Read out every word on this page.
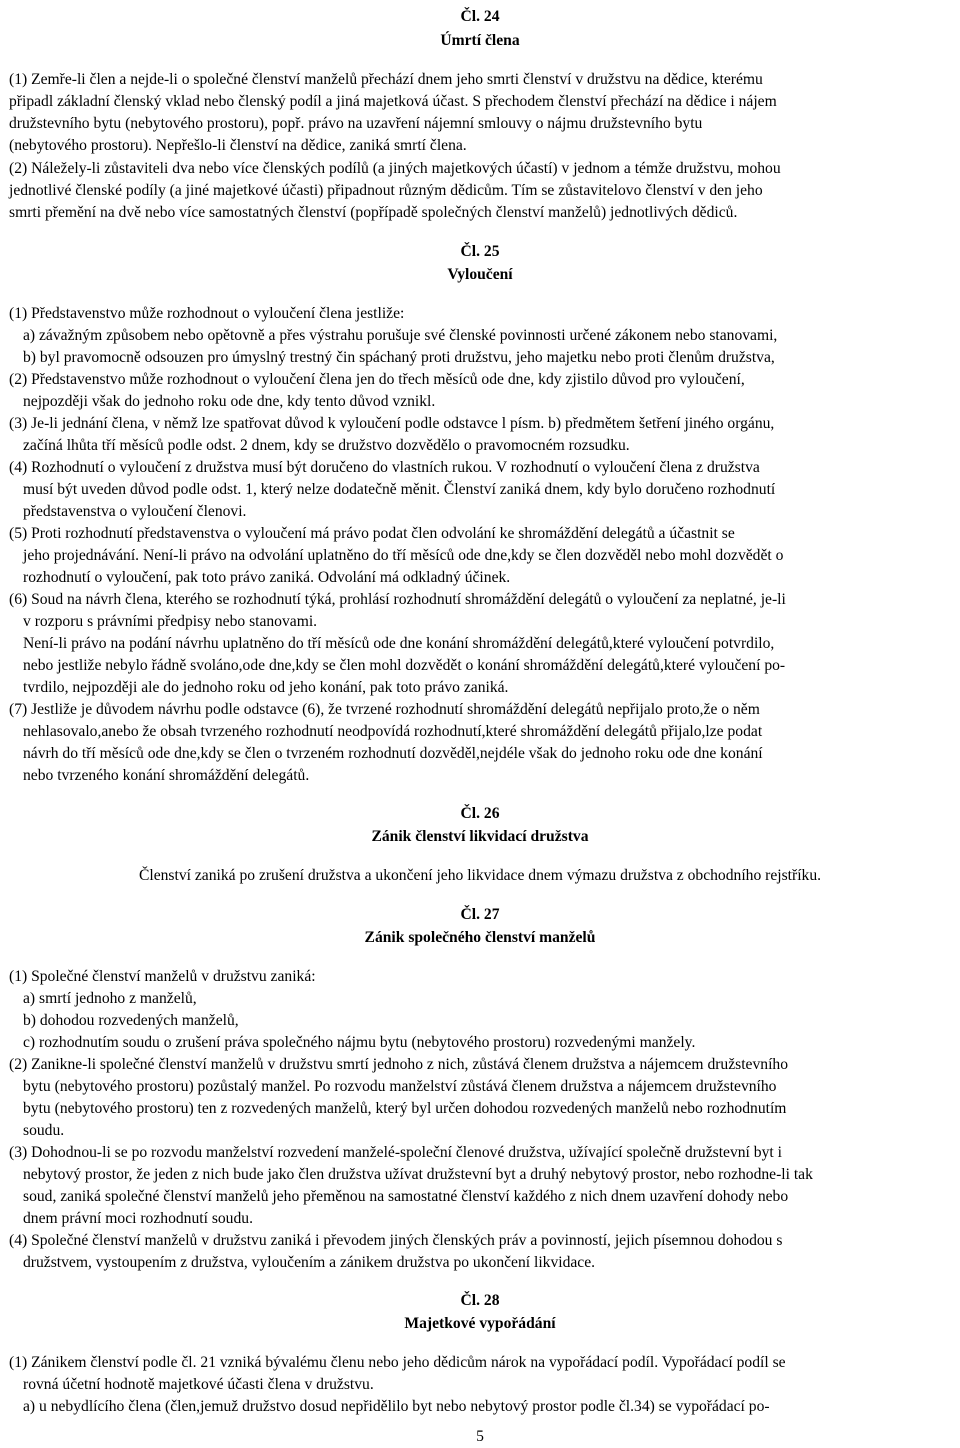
Čl. 24
Úmrtí člena
(1) Zemře-li člen a nejde-li o společné členství manželů přechází dnem jeho smrti členství v družstvu na dědice, kterému
připadl základní členský vklad nebo členský podíl a jiná majetková účast. S přechodem členství přechází na dědice i nájem
družstevního bytu (nebytového prostoru), popř. právo na uzavření nájemní smlouvy o nájmu družstevního bytu
(nebytového prostoru). Nepřešlo-li členství na dědice, zaniká smrtí člena.
(2) Náležely-li zůstaviteli dva nebo více členských podílů (a jiných majetkových účastí) v jednom a témže družstvu, mohou
jednotlivé členské podíly (a jiné majetkové účasti) připadnout různým dědicům. Tím se zůstavitelovo členství v den jeho
smrti přemění na dvě nebo více samostatných členství (popřípadě společných členství manželů) jednotlivých dědiců.
Čl. 25
Vyloučení
(1) Představenstvo může rozhodnout o vyloučení člena jestliže:
a) závažným způsobem nebo opětovně a přes výstrahu porušuje své členské povinnosti určené zákonem nebo stanovami,
b) byl pravomocně odsouzen pro úmyslný trestný čin spáchaný proti družstvu, jeho majetku nebo proti členům družstva,
(2) Představenstvo může rozhodnout o vyloučení člena jen do třech měsíců ode dne, kdy zjistilo důvod pro vyloučení,
nejpozději však do jednoho roku ode dne, kdy tento důvod vznikl.
(3) Je-li jednání člena, v němž lze spatřovat důvod k vyloučení podle odstavce l písm. b) předmětem šetření jiného orgánu,
začíná lhůta tří měsíců podle odst. 2 dnem, kdy se družstvo dozvědělo o pravomocném rozsudku.
(4) Rozhodnutí o vyloučení z družstva musí být doručeno do vlastních rukou. V rozhodnutí o vyloučení člena z družstva
musí být uveden důvod podle odst. 1, který nelze dodatečně měnit. Členství zaniká dnem, kdy bylo doručeno rozhodnutí
představenstva o vyloučení členovi.
(5) Proti rozhodnutí představenstva o vyloučení má právo podat člen odvolání ke shromáždění delegátů a účastnit se
jeho projednávání. Není-li právo na odvolání uplatněno do tří měsíců ode dne,kdy se člen dozvěděl nebo mohl dozvědět o
rozhodnutí o vyloučení, pak toto právo zaniká. Odvolání má odkladný účinek.
(6) Soud na návrh člena, kterého se rozhodnutí týká, prohlásí rozhodnutí shromáždění delegátů o vyloučení za neplatné, je-li
v rozporu s právními předpisy nebo stanovami.
Není-li právo na podání návrhu uplatněno do tří měsíců ode dne konání shromáždění delegátů,které vyloučení potvrdilo,
nebo jestliže nebylo řádně svoláno,ode dne,kdy se člen mohl dozvědět o konání shromáždění delegátů,které vyloučení po-
tvrdilo, nejpozději ale do jednoho roku od jeho konání, pak toto právo zaniká.
(7) Jestliže je důvodem návrhu podle odstavce (6), že tvrzené rozhodnutí shromáždění delegátů nepřijalo proto,že o něm
nehlasovalo,anebo že obsah tvrzeného rozhodnutí neodpovídá rozhodnutí,které shromáždění delegátů přijalo,lze podat
návrh do tří měsíců ode dne,kdy se člen o tvrzeném rozhodnutí dozvěděl,nejdéle však do jednoho roku ode dne konání
nebo tvrzeného konání shromáždění delegátů.
Čl. 26
Zánik členství likvidací družstva
Členství zaniká po zrušení družstva a ukončení jeho likvidace dnem výmazu družstva z obchodního rejstříku.
Čl. 27
Zánik společného členství manželů
(1) Společné členství manželů v družstvu zaniká:
a) smrtí jednoho z manželů,
b) dohodou rozvedených manželů,
c) rozhodnutím soudu o zrušení práva společného nájmu bytu (nebytového prostoru) rozvedenými manžely.
(2) Zanikne-li společné členství manželů v družstvu smrtí jednoho z nich, zůstává členem družstva a nájemcem družstevního
bytu (nebytového prostoru) pozůstalý manžel. Po rozvodu manželství zůstává členem družstva a nájemcem družstevního
bytu (nebytového prostoru) ten z rozvedených manželů, který byl určen dohodou rozvedených manželů nebo rozhodnutím
soudu.
(3) Dohodnou-li se po rozvodu manželství rozvedení manželé-společní členové družstva, užívající společně družstevní byt i
nebytový prostor, že jeden z nich bude jako člen družstva užívat družstevní byt a druhý nebytový prostor, nebo rozhodne-li tak
soud, zaniká společné členství manželů jeho přeměnou na samostatné členství každého z nich dnem uzavření dohody nebo
dnem právní moci rozhodnutí soudu.
(4) Společné členství manželů v družstvu zaniká i převodem jiných členských práv a povinností, jejich písemnou dohodou s
družstvem, vystoupením z družstva, vyloučením a zánikem družstva po ukončení likvidace.
Čl. 28
Majetkové vypořádání
(1) Zánikem členství podle čl. 21 vzniká bývalému členu nebo jeho dědicům nárok na vypořádací podíl. Vypořádací podíl se
rovná účetní hodnotě majetkové účasti člena v družstvu.
a) u nebydlícího člena (člen,jemuž družstvo dosud nepřidělilo byt nebo nebytový prostor podle čl.34) se vypořádací po-
5
